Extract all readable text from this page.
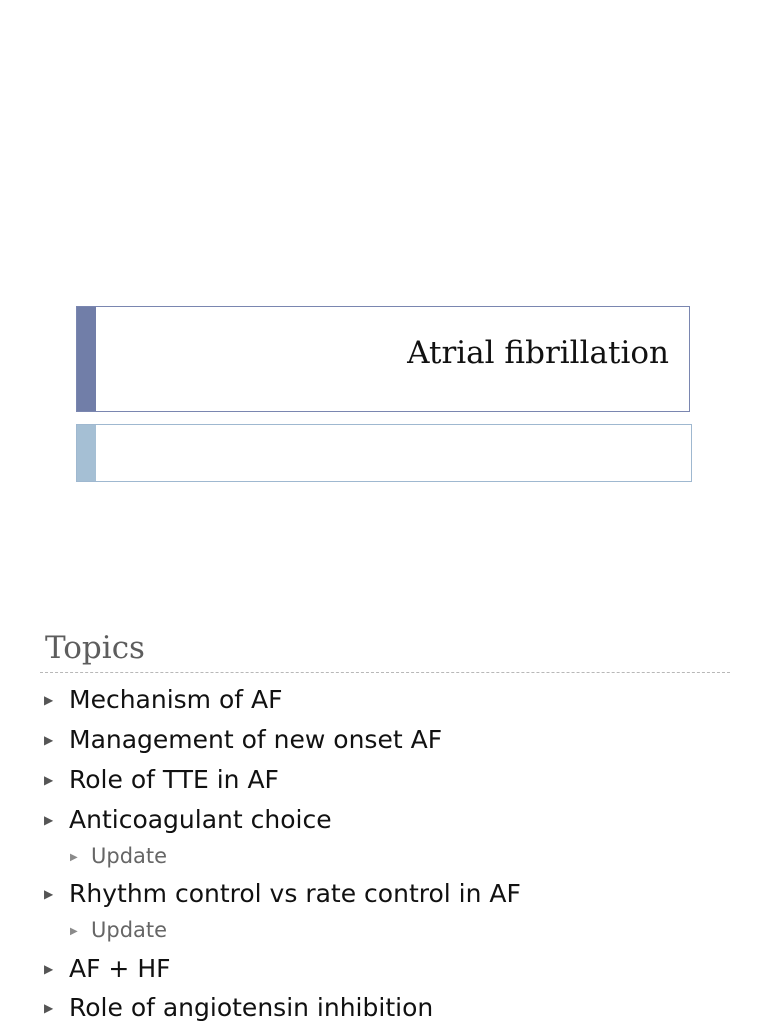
Atrial fibrillation
Topics
▶ Mechanism of AF
▶ Management of new onset AF
▶ Role of TTE in AF
▶ Anticoagulant choice
▶ Update
▶ Rhythm control vs rate control in AF
▶ Update
▶ AF + HF
▶ Role of angiotensin inhibition
